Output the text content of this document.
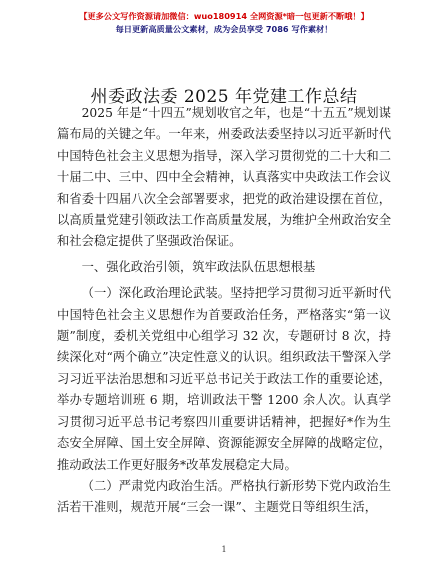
【更多公文写作资源请加微信：wuo180914 全网资源*暗一包更新不断哦！】
每日更新高质量公文素材，成为会员享受 7086 写作素材！
州委政法委 2025 年党建工作总结

2025 年是“十四五”规划收官之年，也是“十五五”规划谋篇布局的关键之年。一年来，州委政法委坚持以习近平新时代中国特色社会主义思想为指导，深入学习贯彻党的二十大和二十届二中、三中、四中全会精神，认真落实中央政法工作会议和省委十四届八次全会部署要求，把党的政治建设摆在首位，以高质量党建引领政法工作高质量发展，为维护全州政治安全和社会稳定提供了坚强政治保证。

一、强化政治引领，筑牢政法队伍思想根基

（一）深化政治理论武装。坚持把学习贯彻习近平新时代中国特色社会主义思想作为首要政治任务，严格落实“第一议题”制度，委机关党组中心组学习 32 次，专题研讨 8 次，持续深化对“两个确立”决定性意义的认识。组织政法干警深入学习习近平法治思想和习近平总书记关于政法工作的重要论述，举办专题培训班 6 期，培训政法干警 1200 余人次。认真学习贯彻习近平总书记考察四川重要讲话精神，把握好*作为生态安全屏障、国土安全屏障、资源能源安全屏障的战略定位，推动政法工作更好服务*改革发展稳定大局。

（二）严肃党内政治生活。严格执行新形势下党内政治生活若干准则，规范开展“三会一课”、主题党日等组织生活，

1
